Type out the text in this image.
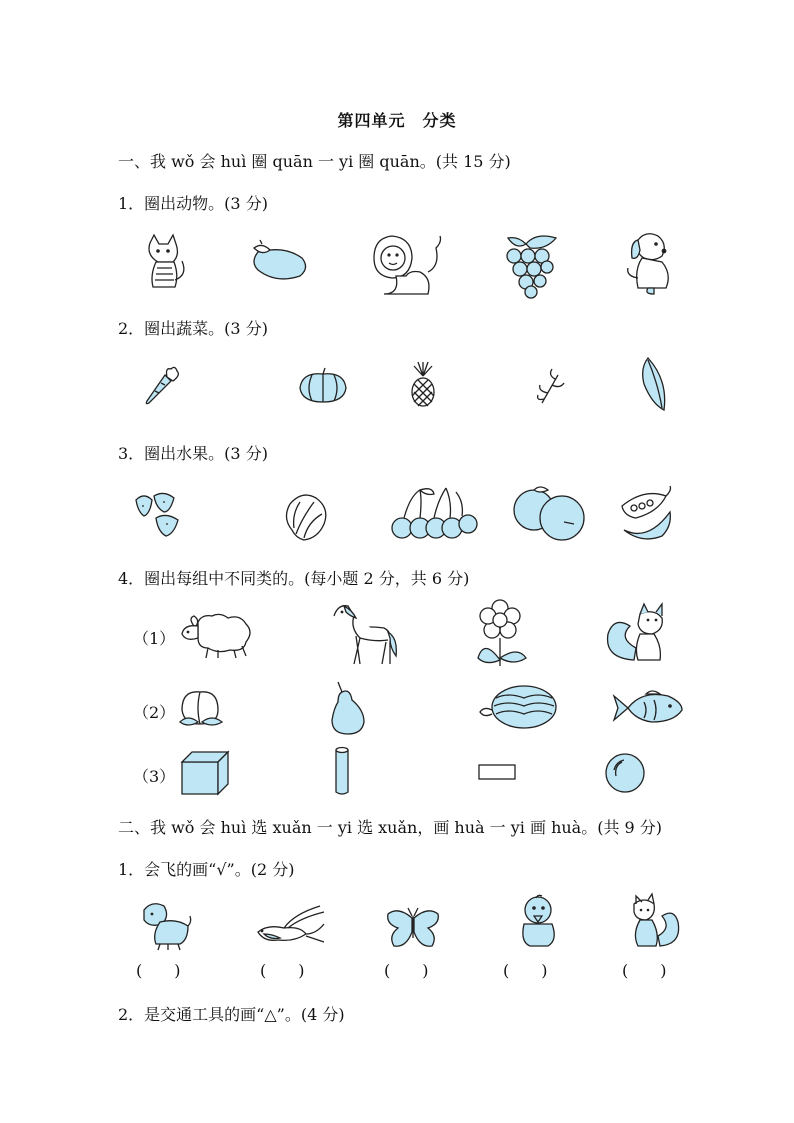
第四单元　分类
一、我 wǒ 会 huì 圈 quān 一 yi 圈 quān。(共 15 分)
1．圈出动物。(3 分)
2．圈出蔬菜。(3 分)
3．圈出水果。(3 分)
4．圈出每组中不同类的。(每小题 2 分，共 6 分)
（1）
（2）
（3）
二、我 wǒ 会 huì 选 xuǎn 一 yi 选 xuǎn，画 huà 一 yi 画 huà。(共 9 分)
1．会飞的画“√”。(2 分)
(　　)	(　　)	(　　)	(　　)	(　　)
2．是交通工具的画“△”。(4 分)
